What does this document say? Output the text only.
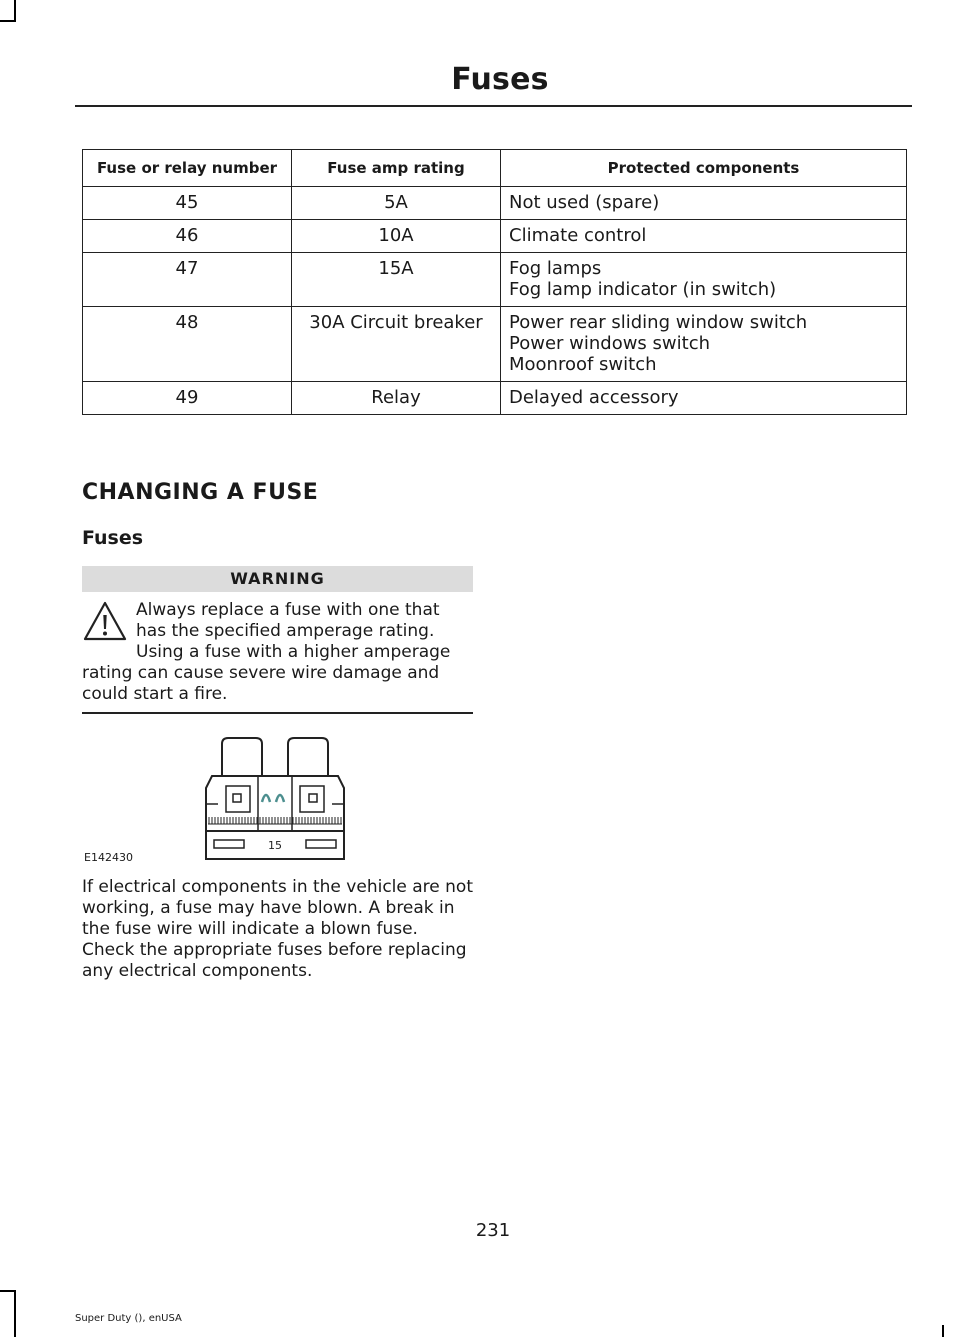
Fuses
Fuse or relay number	Fuse amp rating	Protected components
45	5A	Not used (spare)

46	10A	Climate control

47	15A	Fog lamps
Fog lamp indicator (in switch)

48	30A Circuit breaker	Power rear sliding window switch
Power windows switch
Moonroof switch

49	Relay	Delayed accessory
CHANGING A FUSE
Fuses
WARNING
Always replace a fuse with one that has the specified amperage rating. Using a fuse with a higher amperage rating can cause severe wire damage and could start a fire.
15
E142430
If electrical components in the vehicle are not working, a fuse may have blown. A break in the fuse wire will indicate a blown fuse. Check the appropriate fuses before replacing any electrical components.
231
Super Duty (), enUSA
